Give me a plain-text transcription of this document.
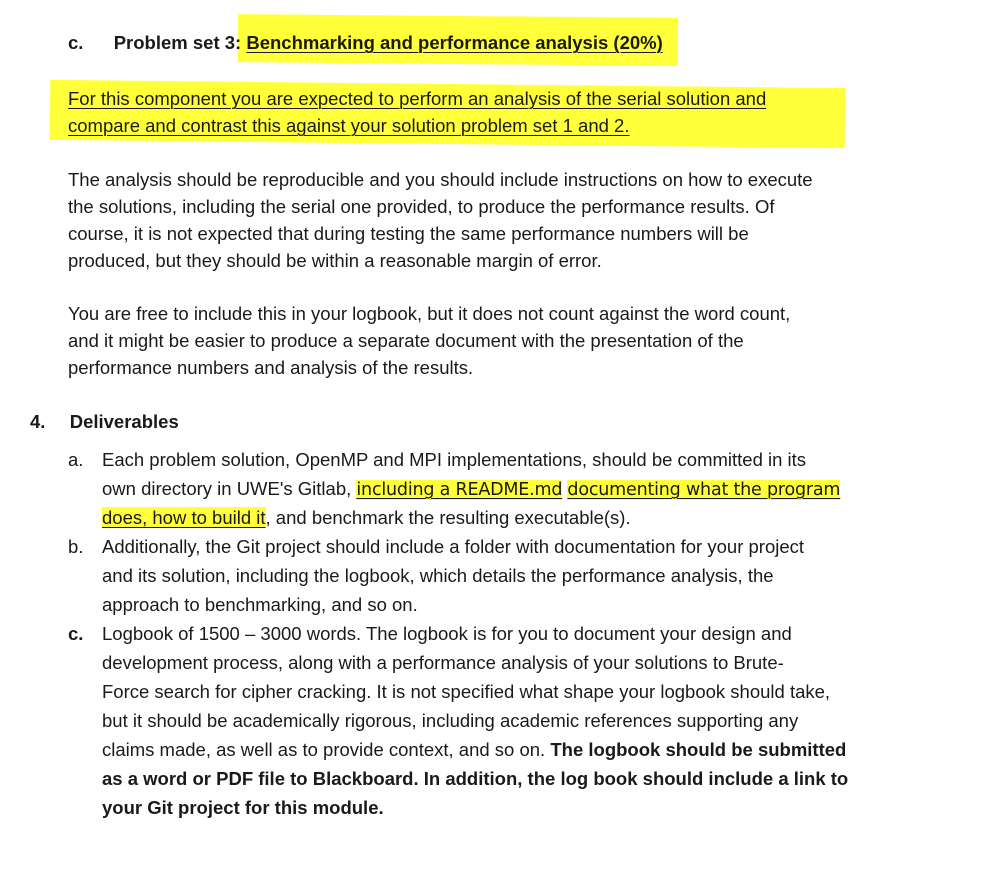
c. Problem set 3: Benchmarking and performance analysis (20%)
For this component you are expected to perform an analysis of the serial solution and
compare and contrast this against your solution problem set 1 and 2.
The analysis should be reproducible and you should include instructions on how to execute
the solutions, including the serial one provided, to produce the performance results. Of
course, it is not expected that during testing the same performance numbers will be
produced, but they should be within a reasonable margin of error.
You are free to include this in your logbook, but it does not count against the word count,
and it might be easier to produce a separate document with the presentation of the
performance numbers and analysis of the results.
4. Deliverables
a. Each problem solution, OpenMP and MPI implementations, should be committed in its
own directory in UWE's Gitlab, including a README.md documenting what the program
does, how to build it, and benchmark the resulting executable(s).
b. Additionally, the Git project should include a folder with documentation for your project
and its solution, including the logbook, which details the performance analysis, the
approach to benchmarking, and so on.
c. Logbook of 1500 – 3000 words. The logbook is for you to document your design and
development process, along with a performance analysis of your solutions to Brute-
Force search for cipher cracking. It is not specified what shape your logbook should take,
but it should be academically rigorous, including academic references supporting any
claims made, as well as to provide context, and so on. The logbook should be submitted
as a word or PDF file to Blackboard. In addition, the log book should include a link to
your Git project for this module.
